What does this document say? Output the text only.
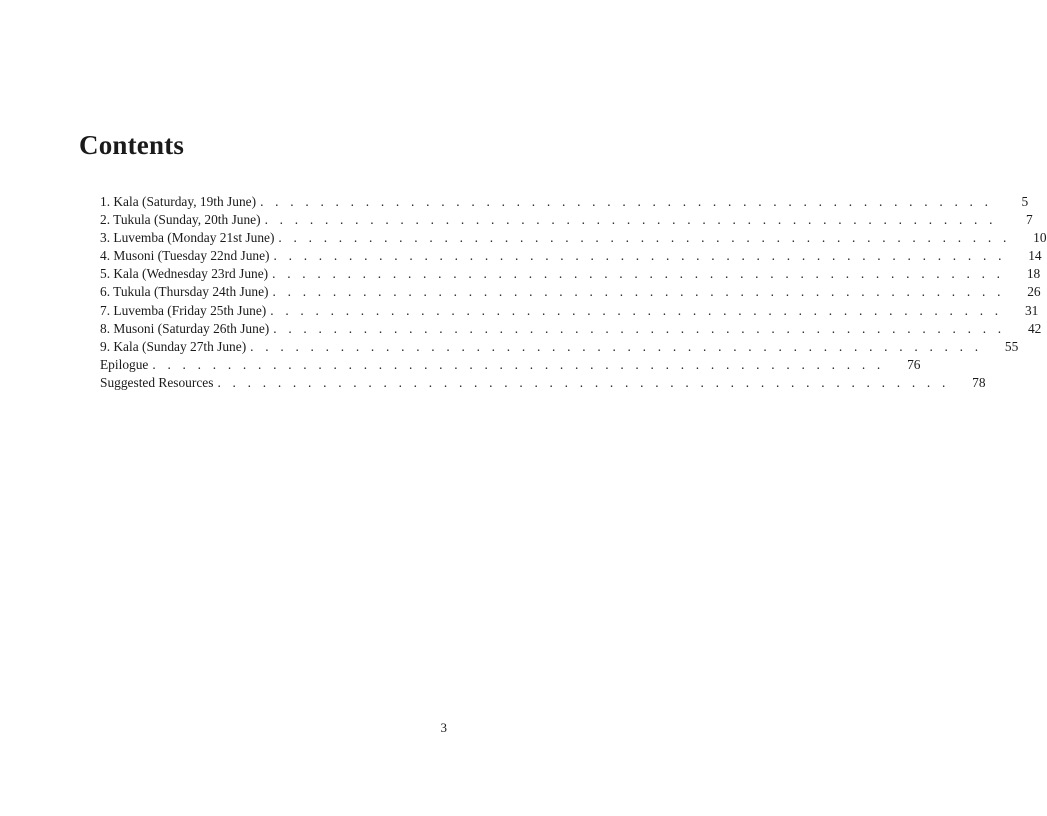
Contents
1. Kala (Saturday, 19th June) . . . . . . . . . . . . . . . . . . . . . . . . . . . . . . . . . . . . . . . . . . . . . . . . .	5
2. Tukula (Sunday, 20th June) . . . . . . . . . . . . . . . . . . . . . . . . . . . . . . . . . . . . . . . . . . . . . . . . .	7
3. Luvemba (Monday 21st June) . . . . . . . . . . . . . . . . . . . . . . . . . . . . . . . . . . . . . . . . . . . . . . . . .	10
4. Musoni (Tuesday 22nd June) . . . . . . . . . . . . . . . . . . . . . . . . . . . . . . . . . . . . . . . . . . . . . . . . .	14
5. Kala (Wednesday 23rd June) . . . . . . . . . . . . . . . . . . . . . . . . . . . . . . . . . . . . . . . . . . . . . . . . .	18
6. Tukula (Thursday 24th June) . . . . . . . . . . . . . . . . . . . . . . . . . . . . . . . . . . . . . . . . . . . . . . . . .	26
7. Luvemba (Friday 25th June) . . . . . . . . . . . . . . . . . . . . . . . . . . . . . . . . . . . . . . . . . . . . . . . . .	31
8. Musoni (Saturday 26th June) . . . . . . . . . . . . . . . . . . . . . . . . . . . . . . . . . . . . . . . . . . . . . . . . .	42
9. Kala (Sunday 27th June) . . . . . . . . . . . . . . . . . . . . . . . . . . . . . . . . . . . . . . . . . . . . . . . . .	55
Epilogue . . . . . . . . . . . . . . . . . . . . . . . . . . . . . . . . . . . . . . . . . . . . . . . . .	76
Suggested Resources . . . . . . . . . . . . . . . . . . . . . . . . . . . . . . . . . . . . . . . . . . . . . . . . .	78
3
